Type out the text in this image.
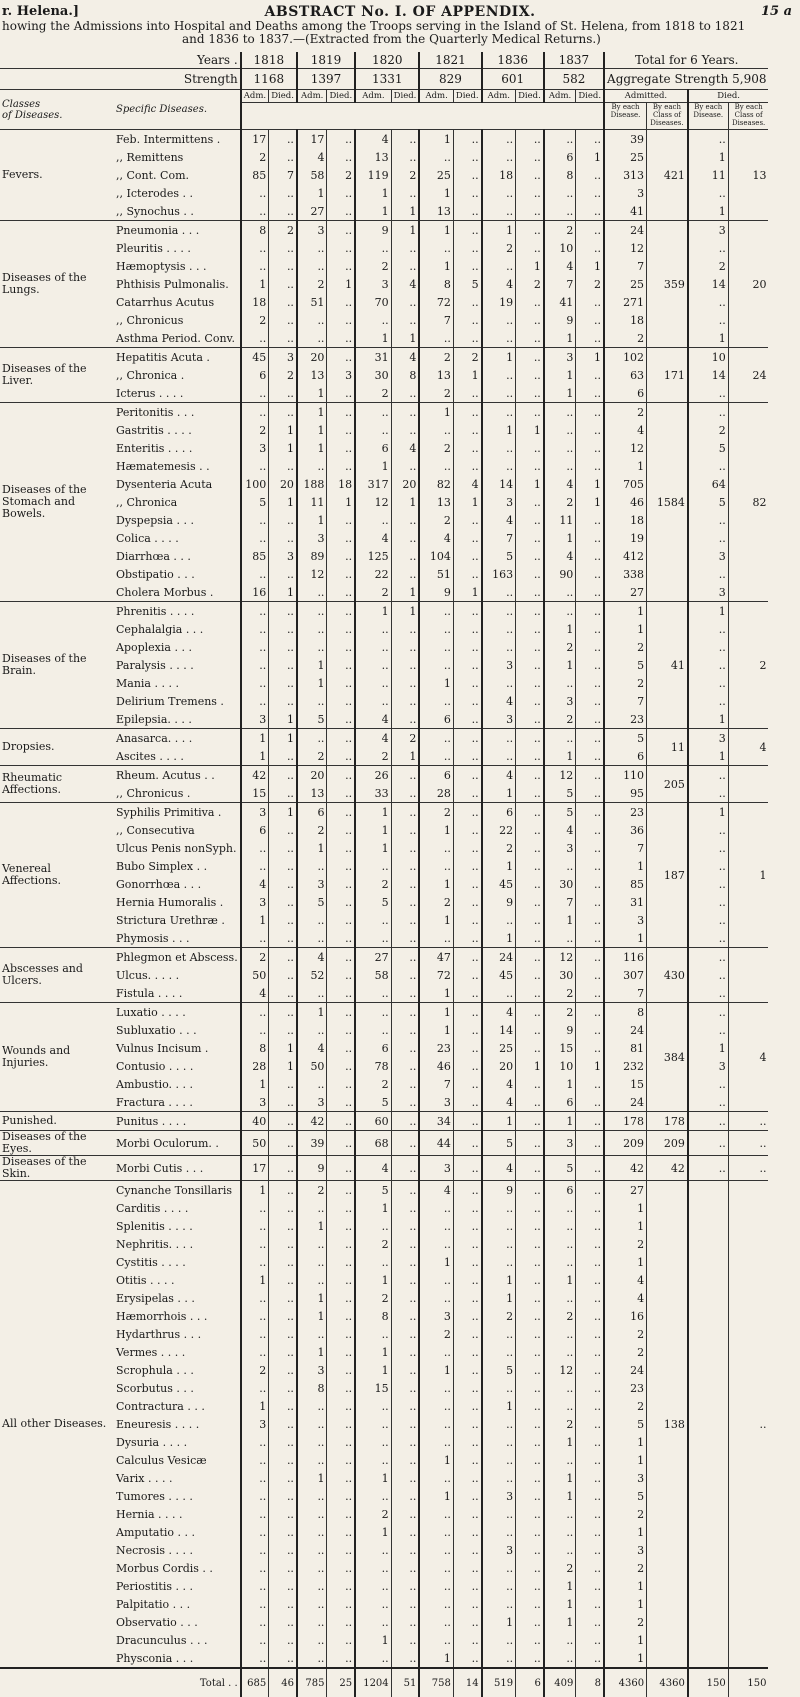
r. Helena.]	ABSTRACT No. I. OF APPENDIX.	15 a
howing the Admissions into Hospital and Deaths among the Troops serving in the Island of St. Helena, from 1818 to 1821
and 1836 to 1837.—(Extracted from the Quarterly Medical Returns.)
	Years .	1818		1819		1820		1821		1836		1837		Total for 6 Years.			
	Strength	1168		1397		1331		829		601		582		Aggregate Strength 5,908			
Classes
of Diseases.	Specific Diseases.	Adm.	Died.	Adm.	Died.	Adm.	Died.	Adm.	Died.	Adm.	Died.	Adm.	Died.	Admitted.		Died.	
														By each Disease.	By each Class of Diseases.	By each Disease.	By each Class of Diseases.
Fevers.	Feb. Intermittens .	17	..	17	..	4	..	1	..	..	..	..	..	39	421	..	13
	,, Remittens	2	..	4	..	13	..	..	..	..	..	6	1	25		1	
	,, Cont. Com.	85	7	58	2	119	2	25	..	18	..	8	..	313		11	
	,, Icterodes . .	..	..	1	..	1	..	1	..	..	..	..	..	3		..	
	,, Synochus . .	..	..	27	..	1	1	13	..	..	..	..	..	41		1	
Diseases of the Lungs.	Pneumonia . . .	8	2	3	..	9	1	1	..	1	..	2	..	24	359	3	20
	Pleuritis . . . .	..	..	..	..	..	..	..	..	2	..	10	..	12		..	
	Hæmoptysis . . .	..	..	..	..	2	..	1	..	..	1	4	1	7		2	
	Phthisis Pulmonalis.	1	..	2	1	3	4	8	5	4	2	7	2	25		14	
	Catarrhus Acutus	18	..	51	..	70	..	72	..	19	..	41	..	271		..	
	,, Chronicus	2	..	..	..	..	..	7	..	..	..	9	..	18		..	
	Asthma Period. Conv.	..	..	..	..	1	1	..	..	..	..	1	..	2		1	
Diseases of the Liver.	Hepatitis Acuta .	45	3	20	..	31	4	2	2	1	..	3	1	102	171	10	24
	,, Chronica .	6	2	13	3	30	8	13	1	..	..	1	..	63		14	
	Icterus . . . .	..	..	1	..	2	..	2	..	..	..	1	..	6		..	
Diseases of the Stomach and Bowels.	Peritonitis . . .	..	..	1	..	..	..	1	..	..	..	..	..	2	1584	..	82
	Gastritis . . . .	2	1	1	..	..	..	..	..	1	1	..	..	4		2	
	Enteritis . . . .	3	1	1	..	6	4	2	..	..	..	..	..	12		5	
	Hæmatemesis . .	..	..	..	..	1	..	..	..	..	..	..	..	1		..	
	Dysenteria Acuta	100	20	188	18	317	20	82	4	14	1	4	1	705		64	
	,, Chronica	5	1	11	1	12	1	13	1	3	..	2	1	46		5	
	Dyspepsia . . .	..	..	1	..	..	..	2	..	4	..	11	..	18		..	
	Colica . . . .	..	..	3	..	4	..	4	..	7	..	1	..	19		..	
	Diarrhœa . . .	85	3	89	..	125	..	104	..	5	..	4	..	412		3	
	Obstipatio . . .	..	..	12	..	22	..	51	..	163	..	90	..	338		..	
	Cholera Morbus .	16	1	..	..	2	1	9	1	..	..	..	..	27		3	
Diseases of the Brain.	Phrenitis . . . .	..	..	..	..	1	1	..	..	..	..	..	..	1	41	1	2
	Cephalalgia . . .	..	..	..	..	..	..	..	..	..	..	1	..	1		..	
	Apoplexia . . .	..	..	..	..	..	..	..	..	..	..	2	..	2		..	
	Paralysis . . . .	..	..	1	..	..	..	..	..	3	..	1	..	5		..	
	Mania . . . .	..	..	1	..	..	..	1	..	..	..	..	..	2		..	
	Delirium Tremens .	..	..	..	..	..	..	..	..	4	..	3	..	7		..	
	Epilepsia. . . .	3	1	5	..	4	..	6	..	3	..	2	..	23		1	
Dropsies.	Anasarca. . . .	1	1	..	..	4	2	..	..	..	..	..	..	5	11	3	4
	Ascites . . . .	1	..	2	..	2	1	..	..	..	..	1	..	6		1	
Rheumatic Affections.	Rheum. Acutus . .	42	..	20	..	26	..	6	..	4	..	12	..	110	205	..	
	,, Chronicus .	15	..	13	..	33	..	28	..	1	..	5	..	95		..	
Venereal Affections.	Syphilis Primitiva .	3	1	6	..	1	..	2	..	6	..	5	..	23	187	1	1
	,, Consecutiva	6	..	2	..	1	..	1	..	22	..	4	..	36		..	
	Ulcus Penis nonSyph.	..	..	1	..	1	..	..	..	2	..	3	..	7		..	
	Bubo Simplex . .	..	..	..	..	..	..	..	..	1	..	..	..	1		..	
	Gonorrhœa . . .	4	..	3	..	2	..	1	..	45	..	30	..	85		..	
	Hernia Humoralis .	3	..	5	..	5	..	2	..	9	..	7	..	31		..	
	Strictura Urethræ .	1	..	..	..	..	..	1	..	..	..	1	..	3		..	
	Phymosis . . .	..	..	..	..	..	..	..	..	1	..	..	..	1		..	
Abscesses and Ulcers.	Phlegmon et Abscess.	2	..	4	..	27	..	47	..	24	..	12	..	116	430	..	
	Ulcus. . . . .	50	..	52	..	58	..	72	..	45	..	30	..	307		..	
	Fistula . . . .	4	..	..	..	..	..	1	..	..	..	2	..	7		..	
Wounds and Injuries.	Luxatio . . . .	..	..	1	..	..	..	1	..	4	..	2	..	8	384	..	4
	Subluxatio . . .	..	..	..	..	..	..	1	..	14	..	9	..	24		..	
	Vulnus Incisum .	8	1	4	..	6	..	23	..	25	..	15	..	81		1	
	Contusio . . . .	28	1	50	..	78	..	46	..	20	1	10	1	232		3	
	Ambustio. . . .	1	..	..	..	2	..	7	..	4	..	1	..	15		..	
	Fractura . . . .	3	..	3	..	5	..	3	..	4	..	6	..	24		..	
Punished.	Punitus . . . .	40	..	42	..	60	..	34	..	1	..	1	..	178	178	..	..
Diseases of the Eyes.	Morbi Oculorum. .	50	..	39	..	68	..	44	..	5	..	3	..	209	209	..	..
Diseases of the Skin.	Morbi Cutis . . .	17	..	9	..	4	..	3	..	4	..	5	..	42	42	..	..
All other Diseases.	Cynanche Tonsillaris	1	..	2	..	5	..	4	..	9	..	6	..	27	138		..
	Carditis . . . .	..	..	..	..	1	..	..	..	..	..	..	..	1			
	Splenitis . . . .	..	..	1	..	..	..	..	..	..	..	..	..	1			
	Nephritis. . . .	..	..	..	..	2	..	..	..	..	..	..	..	2			
	Cystitis . . . .	..	..	..	..	..	..	1	..	..	..	..	..	1			
	Otitis . . . .	1	..	..	..	1	..	..	..	1	..	1	..	4			
	Erysipelas . . .	..	..	1	..	2	..	..	..	1	..	..	..	4			
	Hæmorrhois . . .	..	..	1	..	8	..	3	..	2	..	2	..	16			
	Hydarthrus . . .	..	..	..	..	..	..	2	..	..	..	..	..	2			
	Vermes . . . .	..	..	1	..	1	..	..	..	..	..	..	..	2			
	Scrophula . . .	2	..	3	..	1	..	1	..	5	..	12	..	24			
	Scorbutus . . .	..	..	8	..	15	..	..	..	..	..	..	..	23			
	Contractura . . .	1	..	..	..	..	..	..	..	1	..	..	..	2			
	Eneuresis . . . .	3	..	..	..	..	..	..	..	..	..	2	..	5			
	Dysuria . . . .	..	..	..	..	..	..	..	..	..	..	1	..	1			
	Calculus Vesicæ	..	..	..	..	..	..	1	..	..	..	..	..	1			
	Varix . . . .	..	..	1	..	1	..	..	..	..	..	1	..	3			
	Tumores . . . .	..	..	..	..	..	..	1	..	3	..	1	..	5			
	Hernia . . . .	..	..	..	..	2	..	..	..	..	..	..	..	2			
	Amputatio . . .	..	..	..	..	1	..	..	..	..	..	..	..	1			
	Necrosis . . . .	..	..	..	..	..	..	..	..	3	..	..	..	3			
	Morbus Cordis . .	..	..	..	..	..	..	..	..	..	..	2	..	2			
	Periostitis . . .	..	..	..	..	..	..	..	..	..	..	1	..	1			
	Palpitatio . . .	..	..	..	..	..	..	..	..	..	..	1	..	1			
	Observatio . . .	..	..	..	..	..	..	..	..	1	..	1	..	2			
	Dracunculus . . .	..	..	..	..	1	..	..	..	..	..	..	..	1			
	Physconia . . .	..	..	..	..	..	..	1	..	..	..	..	..	1			
Total . .		685	46	785	25	1204	51	758	14	519	6	409	8	4360	4360	150	150
